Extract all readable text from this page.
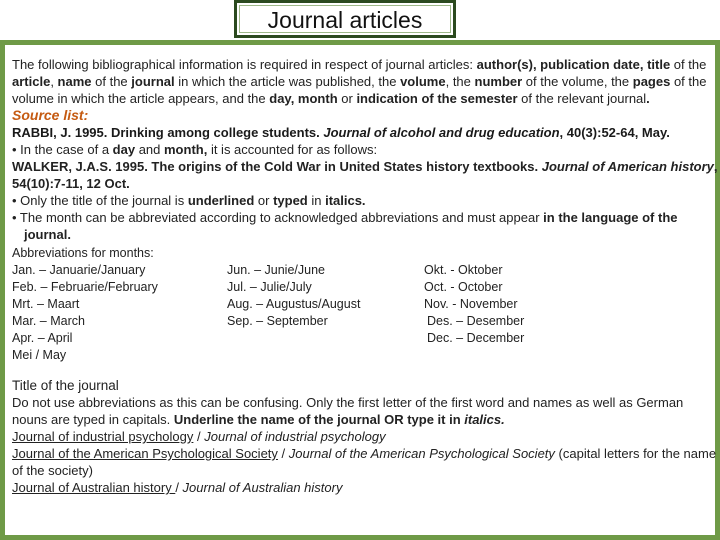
Journal articles

The following bibliographical information is required in respect of journal articles: author(s), publication date, title of the article, name of the journal in which the article was published, the volume, the number of the volume, the pages of the volume in which the article appears, and the day, month or indication of the semester of the relevant journal.

Source list:

RABBI, J. 1995. Drinking among college students. Journal of alcohol and drug education, 40(3):52-64, May.

• In the case of a day and month, it is accounted for as follows:

WALKER, J.A.S. 1995. The origins of the Cold War in United States history textbooks. Journal of American history, 54(10):7-11, 12 Oct.

• Only the title of the journal is underlined or typed in italics.

• The month can be abbreviated according to acknowledged abbreviations and must appear in the language of the journal.

Abbreviations for months:

Jan. – Januarie/January
Feb. – Februarie/February
Mrt. – Maart
Mar. – March
Apr. – April
Mei / May
Jun. – Junie/June
Jul. – Julie/July
Aug. – Augustus/August
Sep. – September
Okt. - Oktober
Oct. - October
Nov. - November
Des. – Desember
Dec. – December

Title of the journal

Do not use abbreviations as this can be confusing. Only the first letter of the first word and names as well as German nouns are typed in capitals. Underline the name of the journal OR type it in italics.

Journal of industrial psychology / Journal of industrial psychology

Journal of the American Psychological Society / Journal of the American Psychological Society (capital letters for the name of the society)

Journal of Australian history / Journal of Australian history
